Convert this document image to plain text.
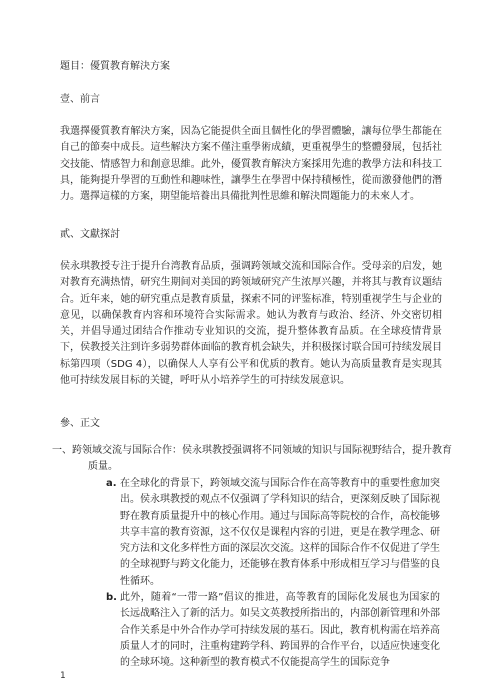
題目：優質教育解決方案

壹、前言

我選擇優質教育解決方案，因為它能提供全面且個性化的學習體驗，讓每位學生都能在自己的節奏中成長。這些解決方案不僅注重學術成績，更重視學生的整體發展，包括社交技能、情感智力和創意思維。此外，優質教育解決方案採用先進的教學方法和科技工具，能夠提升學習的互動性和趣味性，讓學生在學習中保持積極性，從而激發他們的潛力。選擇這樣的方案，期望能培養出具備批判性思維和解決問題能力的未來人才。

貳、文獻探討

侯永琪教授专注于提升台湾教育品质，强调跨领域交流和国际合作。受母亲的启发，她对教育充满热情，研究生期间对美国的跨领域研究产生浓厚兴趣，并将其与教育议题结合。近年来，她的研究重点是教育质量，探索不同的评鉴标准，特别重视学生与企业的意见，以确保教育内容和环境符合实际需求。她认为教育与政治、经济、外交密切相关，并倡导通过团结合作推动专业知识的交流，提升整体教育品质。在全球疫情背景下，侯教授关注到许多弱势群体面临的教育机会缺失，并积极探讨联合国可持续发展目标第四项（SDG 4），以确保人人享有公平和优质的教育。她认为高质量教育是实现其他可持续发展目标的关键，呼吁从小培养学生的可持续发展意识。

參、正文

一、跨领域交流与国际合作：侯永琪教授强调将不同领域的知识与国际视野结合，提升教育质量。

a. 在全球化的背景下，跨领域交流与国际合作在高等教育中的重要性愈加突出。侯永琪教授的观点不仅强调了学科知识的结合，更深刻反映了国际视野在教育质量提升中的核心作用。通过与国际高等院校的合作，高校能够共享丰富的教育资源，这不仅仅是课程内容的引进，更是在教学理念、研究方法和文化多样性方面的深层次交流。这样的国际合作不仅促进了学生的全球视野与跨文化能力，还能够在教育体系中形成相互学习与借鉴的良性循环。
b. 此外，随着“一带一路”倡议的推进，高等教育的国际化发展也为国家的长远战略注入了新的活力。如吴文英教授所指出的，内部创新管理和外部合作关系是中外合作办学可持续发展的基石。因此，教育机构需在培养高质量人才的同时，注重构建跨学科、跨国界的合作平台，以适应快速变化的全球环境。这种新型的教育模式不仅能提高学生的国际竞争
1
